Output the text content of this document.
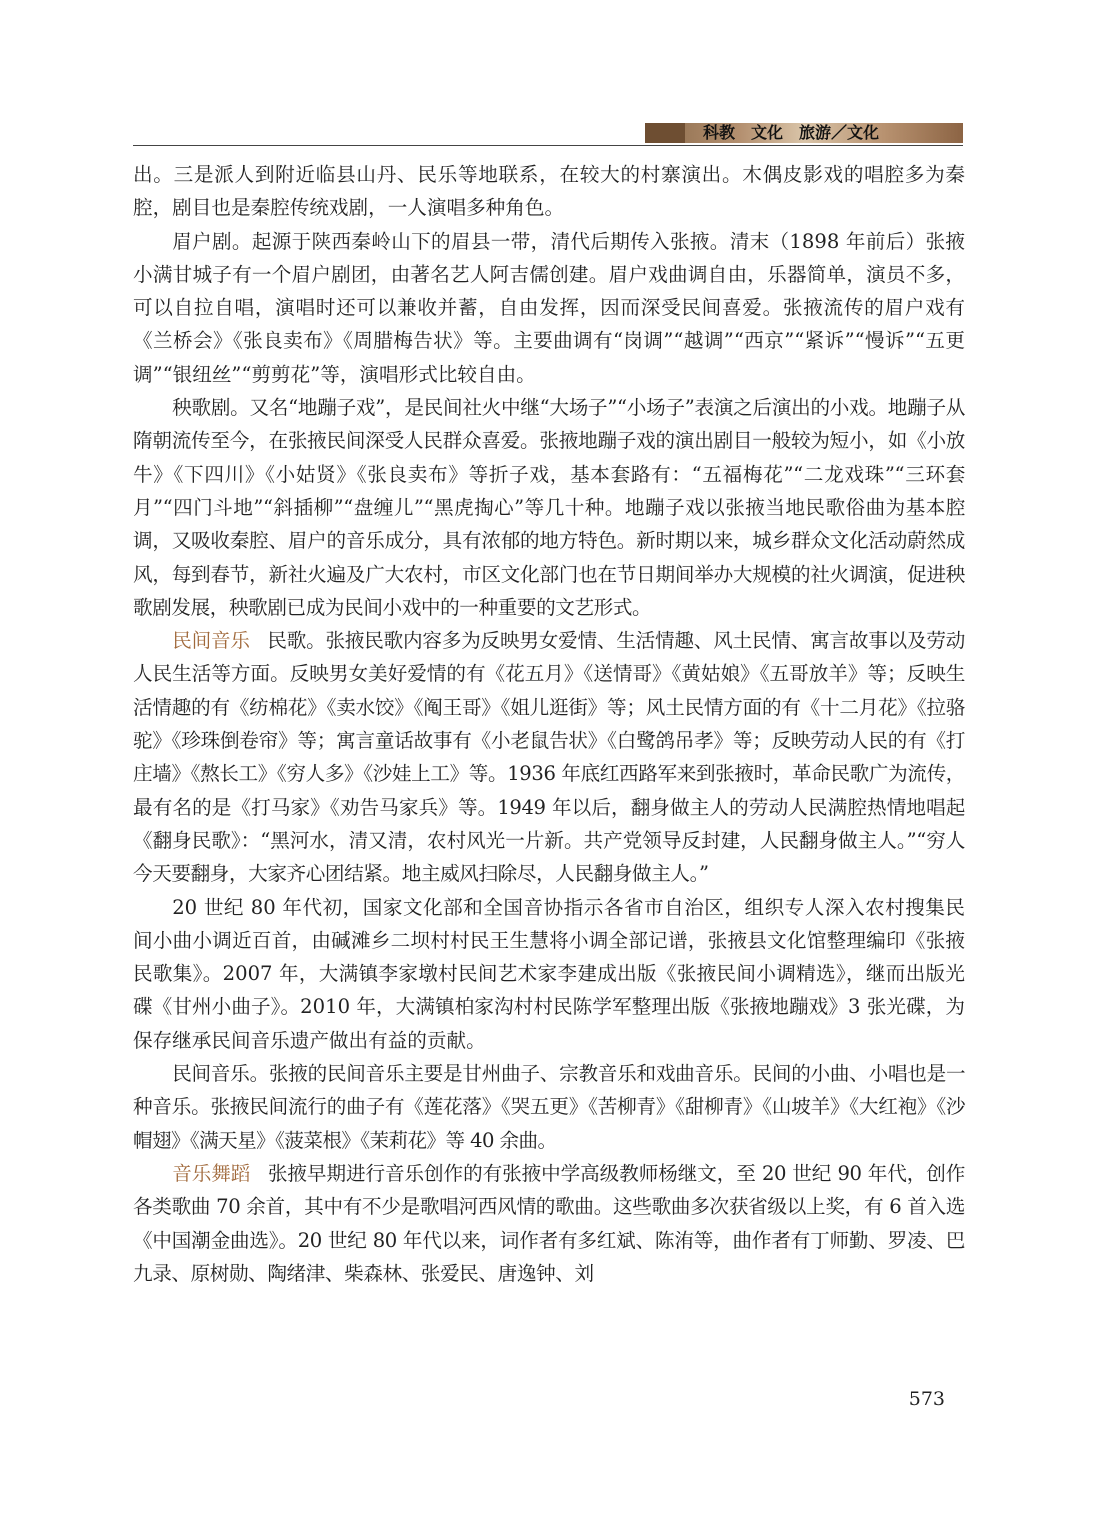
科教　文化　旅游／文化

出。三是派人到附近临县山丹、民乐等地联系，在较大的村寨演出。木偶皮影戏的唱腔多为秦腔，剧目也是秦腔传统戏剧，一人演唱多种角色。

眉户剧。起源于陕西秦岭山下的眉县一带，清代后期传入张掖。清末（1898 年前后）张掖小满甘城子有一个眉户剧团，由著名艺人阿吉儒创建。眉户戏曲调自由，乐器简单，演员不多，可以自拉自唱，演唱时还可以兼收并蓄，自由发挥，因而深受民间喜爱。张掖流传的眉户戏有《兰桥会》《张良卖布》《周腊梅告状》等。主要曲调有“岗调”“越调”“西京”“紧诉”“慢诉”“五更调”“银纽丝”“剪剪花”等，演唱形式比较自由。

秧歌剧。又名“地蹦子戏”，是民间社火中继“大场子”“小场子”表演之后演出的小戏。地蹦子从隋朝流传至今，在张掖民间深受人民群众喜爱。张掖地蹦子戏的演出剧目一般较为短小，如《小放牛》《下四川》《小姑贤》《张良卖布》等折子戏，基本套路有：“五福梅花”“二龙戏珠”“三环套月”“四门斗地”“斜插柳”“盘缠儿”“黑虎掏心”等几十种。地蹦子戏以张掖当地民歌俗曲为基本腔调，又吸收秦腔、眉户的音乐成分，具有浓郁的地方特色。新时期以来，城乡群众文化活动蔚然成风，每到春节，新社火遍及广大农村，市区文化部门也在节日期间举办大规模的社火调演，促进秧歌剧发展，秧歌剧已成为民间小戏中的一种重要的文艺形式。

民间音乐 民歌。张掖民歌内容多为反映男女爱情、生活情趣、风土民情、寓言故事以及劳动人民生活等方面。反映男女美好爱情的有《花五月》《送情哥》《黄姑娘》《五哥放羊》等；反映生活情趣的有《纺棉花》《卖水饺》《阄王哥》《姐儿逛街》等；风土民情方面的有《十二月花》《拉骆驼》《珍珠倒卷帘》等；寓言童话故事有《小老鼠告状》《白鹭鸽吊孝》等；反映劳动人民的有《打庄墙》《熬长工》《穷人多》《沙娃上工》等。1936 年底红西路军来到张掖时，革命民歌广为流传，最有名的是《打马家》《劝告马家兵》等。1949 年以后，翻身做主人的劳动人民满腔热情地唱起《翻身民歌》：“黑河水，清又清，农村风光一片新。共产党领导反封建，人民翻身做主人。”“穷人今天要翻身，大家齐心团结紧。地主威风扫除尽，人民翻身做主人。”

20 世纪 80 年代初，国家文化部和全国音协指示各省市自治区，组织专人深入农村搜集民间小曲小调近百首，由碱滩乡二坝村村民王生慧将小调全部记谱，张掖县文化馆整理编印《张掖民歌集》。2007 年，大满镇李家墩村民间艺术家李建成出版《张掖民间小调精选》，继而出版光碟《甘州小曲子》。2010 年，大满镇柏家沟村村民陈学军整理出版《张掖地蹦戏》3 张光碟，为保存继承民间音乐遗产做出有益的贡献。

民间音乐。张掖的民间音乐主要是甘州曲子、宗教音乐和戏曲音乐。民间的小曲、小唱也是一种音乐。张掖民间流行的曲子有《莲花落》《哭五更》《苦柳青》《甜柳青》《山坡羊》《大红袍》《沙帽翅》《满天星》《菠菜根》《茉莉花》等 40 余曲。

音乐舞蹈 张掖早期进行音乐创作的有张掖中学高级教师杨继文，至 20 世纪 90 年代，创作各类歌曲 70 余首，其中有不少是歌唱河西风情的歌曲。这些歌曲多次获省级以上奖，有 6 首入选《中国潮金曲选》。20 世纪 80 年代以来，词作者有多红斌、陈洧等，曲作者有丁师勤、罗凌、巴九录、原树勋、陶绪津、柴森林、张爱民、唐逸钟、刘

573
